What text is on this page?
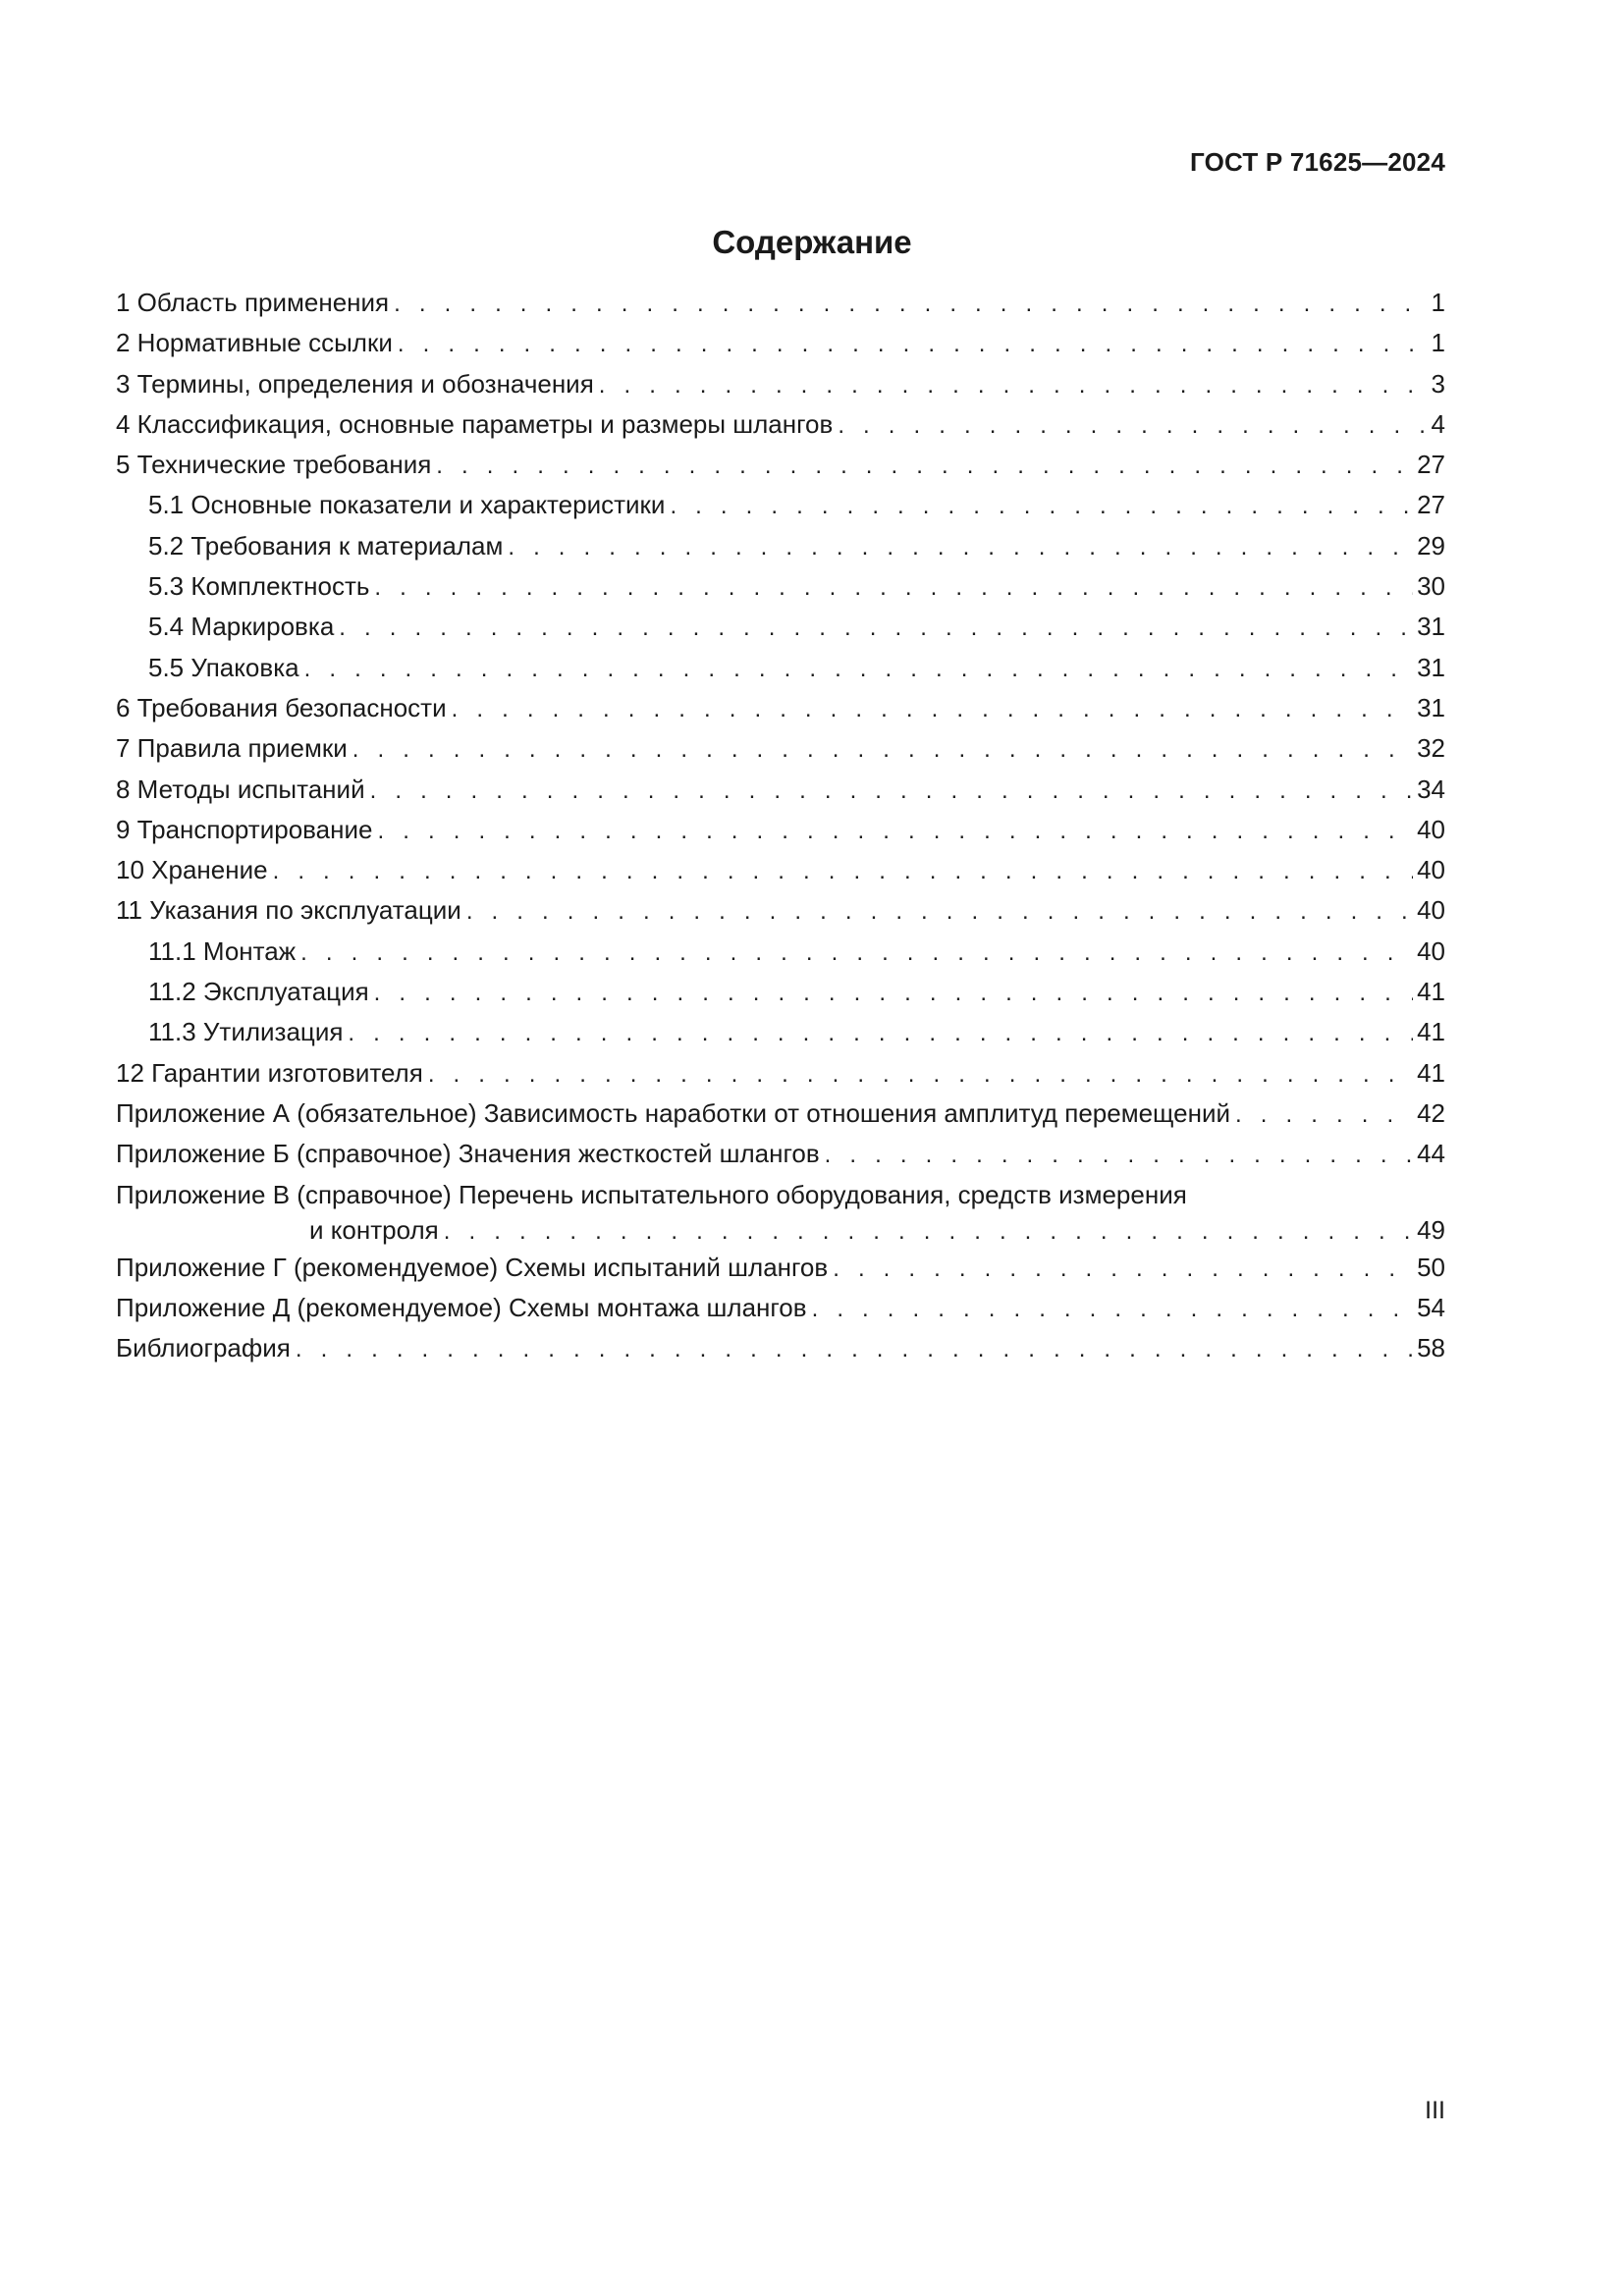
ГОСТ Р 71625—2024
Содержание
1 Область применения . . .	1
2 Нормативные ссылки . . .	1
3 Термины, определения и обозначения . . .	3
4 Классификация, основные параметры и размеры шлангов . . .	4
5 Технические требования . . .	27
5.1 Основные показатели и характеристики . . .	27
5.2 Требования к материалам . . .	29
5.3 Комплектность . . .	30
5.4 Маркировка . . .	31
5.5 Упаковка . . .	31
6 Требования безопасности . . .	31
7 Правила приемки . . .	32
8 Методы испытаний . . .	34
9 Транспортирование . . .	40
10 Хранение . . .	40
11 Указания по эксплуатации . . .	40
11.1 Монтаж . . .	40
11.2 Эксплуатация . . .	41
11.3 Утилизация . . .	41
12 Гарантии изготовителя . . .	41
Приложение А (обязательное) Зависимость наработки от отношения амплитуд перемещений . . .	42
Приложение Б (справочное) Значения жесткостей шлангов . . .	44
Приложение В (справочное) Перечень испытательного оборудования, средств измерения
и контроля . . .	49
Приложение Г (рекомендуемое) Схемы испытаний шлангов . . .	50
Приложение Д (рекомендуемое) Схемы монтажа шлангов . . .	54
Библиография . . .	58
III
